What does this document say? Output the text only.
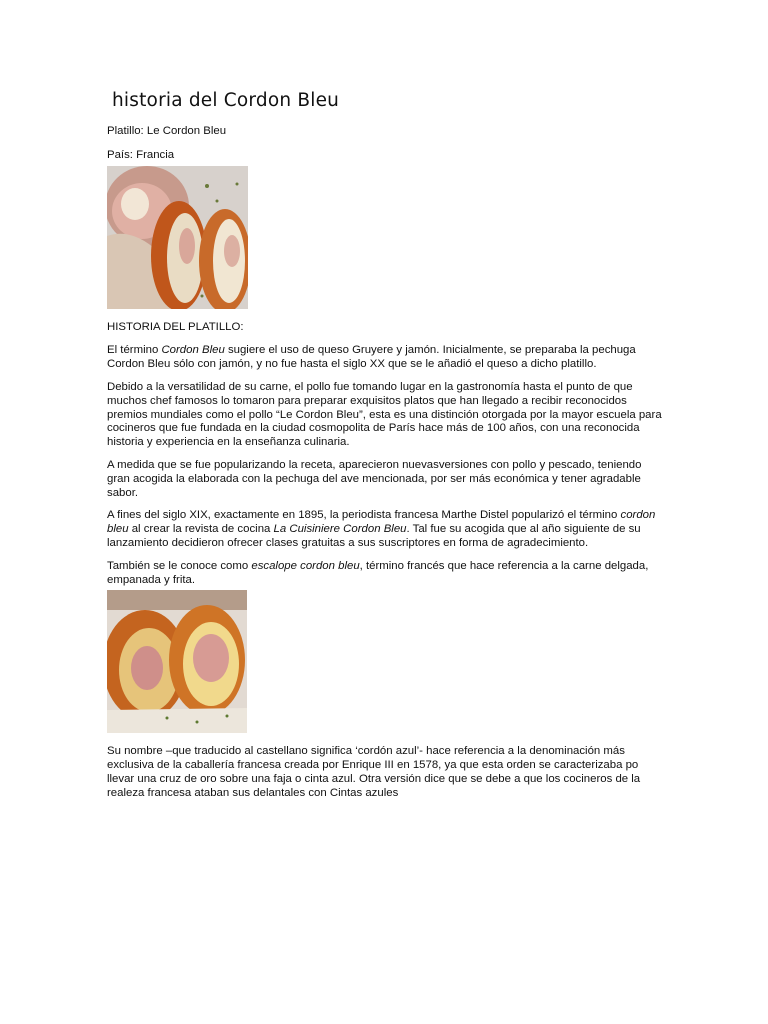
historia del Cordon Bleu
Platillo: Le Cordon Bleu
País: Francia
HISTORIA DEL PLATILLO:

El término Cordon Bleu sugiere el uso de queso Gruyere y jamón. Inicialmente, se preparaba la pechuga Cordon Bleu sólo con jamón, y no fue hasta el siglo XX que se le añadió el queso a dicho platillo.

Debido a la versatilidad de su carne, el pollo fue tomando lugar en la gastronomía hasta el punto de que muchos chef famosos lo tomaron para preparar exquisitos platos que han llegado a recibir reconocidos premios mundiales como el pollo “Le Cordon Bleu”, esta es una distinción otorgada por la mayor escuela para cocineros que fue fundada en la ciudad cosmopolita de París hace más de 100 años, con una reconocida historia y experiencia en la enseñanza culinaria.

A medida que se fue popularizando la receta, aparecieron nuevasversiones con pollo y pescado, teniendo gran acogida la elaborada con la pechuga del ave mencionada, por ser más económica y tener agradable sabor.

A fines del siglo XIX, exactamente en 1895, la periodista francesa Marthe Distel popularizó el término cordon bleu al crear la revista de cocina La Cuisiniere Cordon Bleu. Tal fue su acogida que al año siguiente de su lanzamiento decidieron ofrecer clases gratuitas a sus suscriptores en forma de agradecimiento.

También se le conoce como escalope cordon bleu, término francés que hace referencia a la carne delgada, empanada y frita.

Su nombre –que traducido al castellano significa ‘cordón azul’- hace referencia a la denominación más exclusiva de la caballería francesa creada por Enrique III en 1578, ya que esta orden se caracterizaba po llevar una cruz de oro sobre una faja o cinta azul. Otra versión dice que se debe a que los cocineros de la realeza francesa ataban sus delantales con Cintas azules
